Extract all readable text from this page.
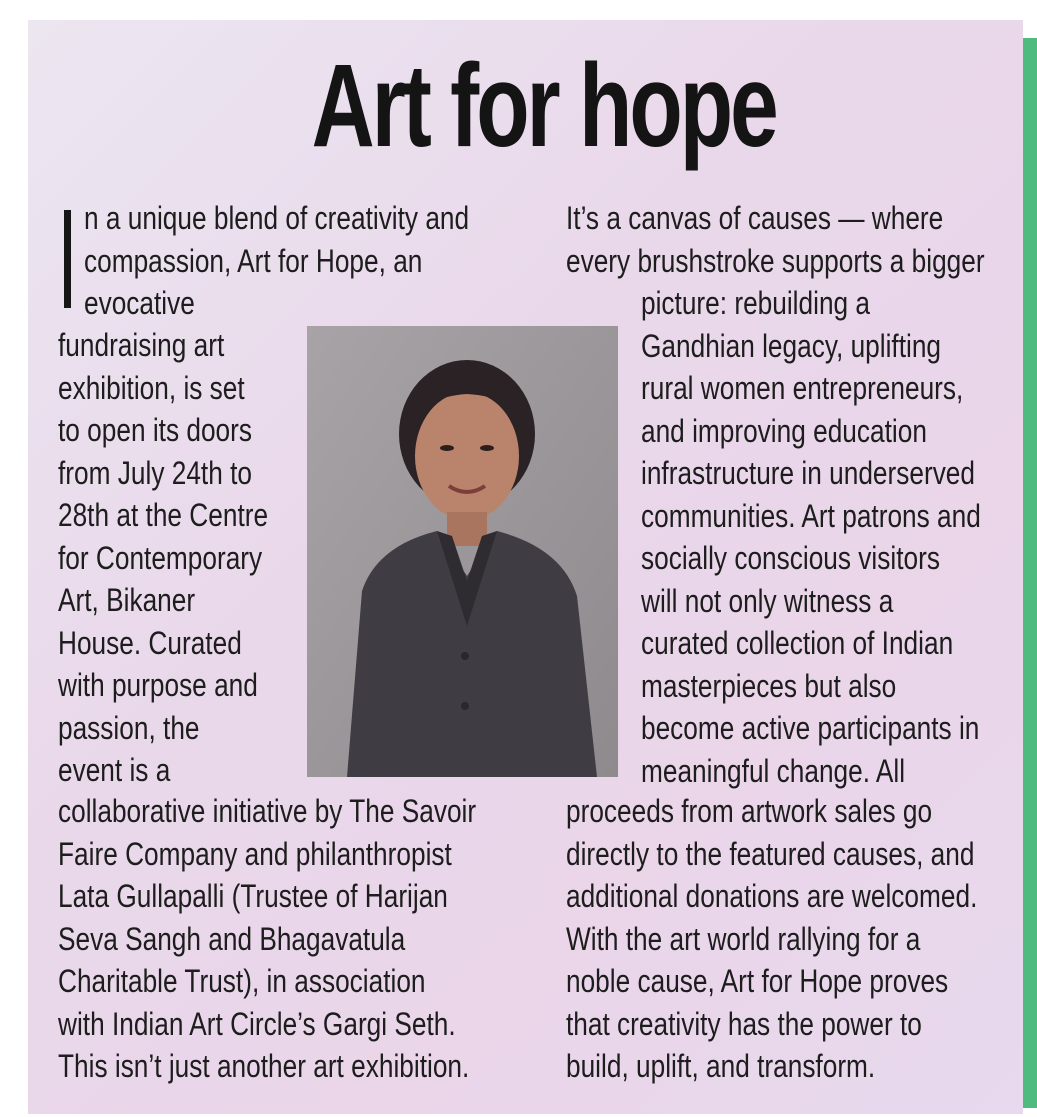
Art for hope
n a unique blend of creativity and
compassion, Art for Hope, an
evocative
fundraising art
exhibition, is set
to open its doors
from July 24th to
28th at the Centre
for Contemporary
Art, Bikaner
House. Curated
with purpose and
passion, the
event is a
collaborative initiative by The Savoir
Faire Company and philanthropist
Lata Gullapalli (Trustee of Harijan
Seva Sangh and Bhagavatula
Charitable Trust), in association
with Indian Art Circle’s Gargi Seth.
This isn’t just another art exhibition.
It’s a canvas of causes — where
every brushstroke supports a bigger
picture: rebuilding a
Gandhian legacy, uplifting
rural women entrepreneurs,
and improving education
infrastructure in underserved
communities. Art patrons and
socially conscious visitors
will not only witness a
curated collection of Indian
masterpieces but also
become active participants in
meaningful change. All
proceeds from artwork sales go
directly to the featured causes, and
additional donations are welcomed.
With the art world rallying for a
noble cause, Art for Hope proves
that creativity has the power to
build, uplift, and transform.
